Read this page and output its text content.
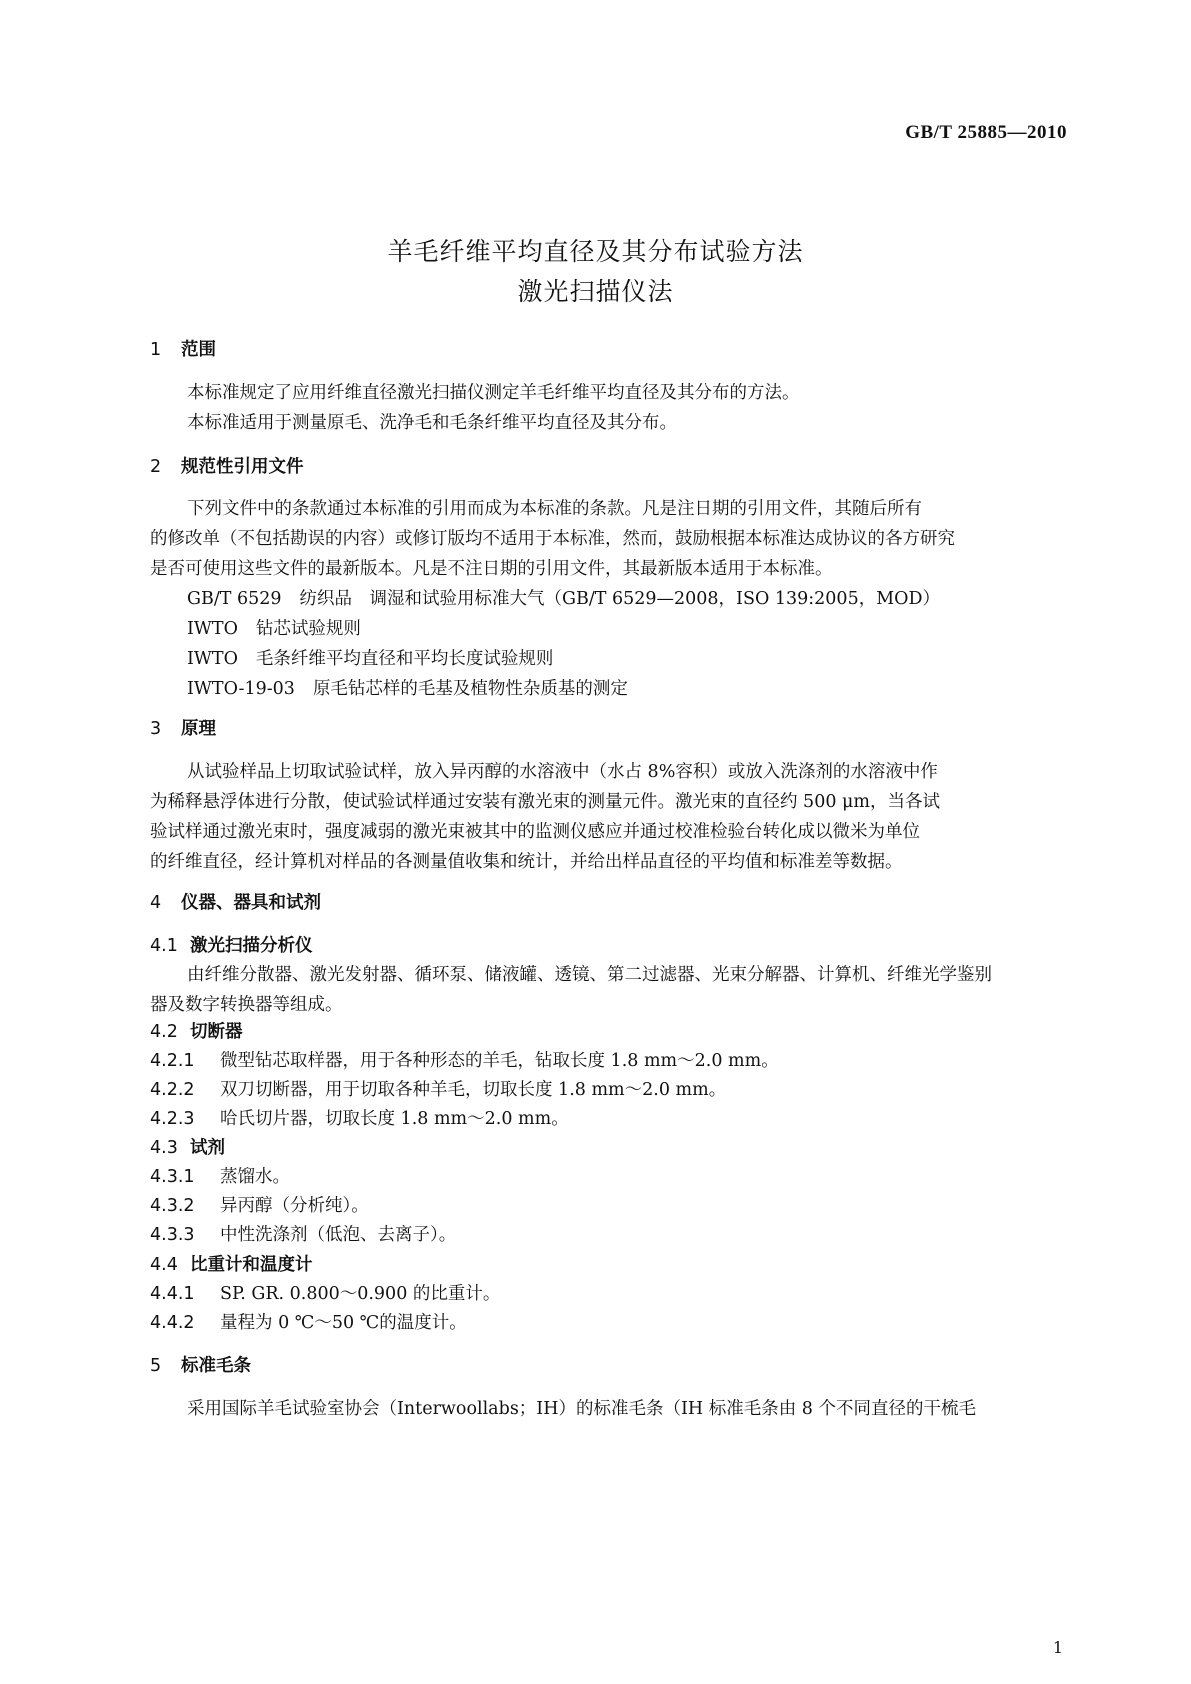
GB/T 25885—2010
羊毛纤维平均直径及其分布试验方法
激光扫描仪法
1 范围
本标准规定了应用纤维直径激光扫描仪测定羊毛纤维平均直径及其分布的方法。
本标准适用于测量原毛、洗净毛和毛条纤维平均直径及其分布。
2 规范性引用文件
下列文件中的条款通过本标准的引用而成为本标准的条款。凡是注日期的引用文件，其随后所有
的修改单（不包括勘误的内容）或修订版均不适用于本标准，然而，鼓励根据本标准达成协议的各方研究
是否可使用这些文件的最新版本。凡是不注日期的引用文件，其最新版本适用于本标准。
GB/T 6529 纺织品　调湿和试验用标准大气（GB/T 6529—2008，ISO 139:2005，MOD）
IWTO 钻芯试验规则
IWTO 毛条纤维平均直径和平均长度试验规则
IWTO-19-03 原毛钻芯样的毛基及植物性杂质基的测定
3 原理
从试验样品上切取试验试样，放入异丙醇的水溶液中（水占 8%容积）或放入洗涤剂的水溶液中作
为稀释悬浮体进行分散，使试验试样通过安装有激光束的测量元件。激光束的直径约 500 μm，当各试
验试样通过激光束时，强度减弱的激光束被其中的监测仪感应并通过校准检验台转化成以微米为单位
的纤维直径，经计算机对样品的各测量值收集和统计，并给出样品直径的平均值和标准差等数据。
4 仪器、器具和试剂
4.1 激光扫描分析仪
由纤维分散器、激光发射器、循环泵、储液罐、透镜、第二过滤器、光束分解器、计算机、纤维光学鉴别
器及数字转换器等组成。
4.2 切断器
4.2.1 微型钻芯取样器，用于各种形态的羊毛，钻取长度 1.8 mm～2.0 mm。
4.2.2 双刀切断器，用于切取各种羊毛，切取长度 1.8 mm～2.0 mm。
4.2.3 哈氏切片器，切取长度 1.8 mm～2.0 mm。
4.3 试剂
4.3.1 蒸馏水。
4.3.2 异丙醇（分析纯）。
4.3.3 中性洗涤剂（低泡、去离子）。
4.4 比重计和温度计
4.4.1 SP. GR. 0.800～0.900 的比重计。
4.4.2 量程为 0 ℃～50 ℃的温度计。
5 标准毛条
采用国际羊毛试验室协会（Interwoollabs；IH）的标准毛条（IH 标准毛条由 8 个不同直径的干梳毛
1
